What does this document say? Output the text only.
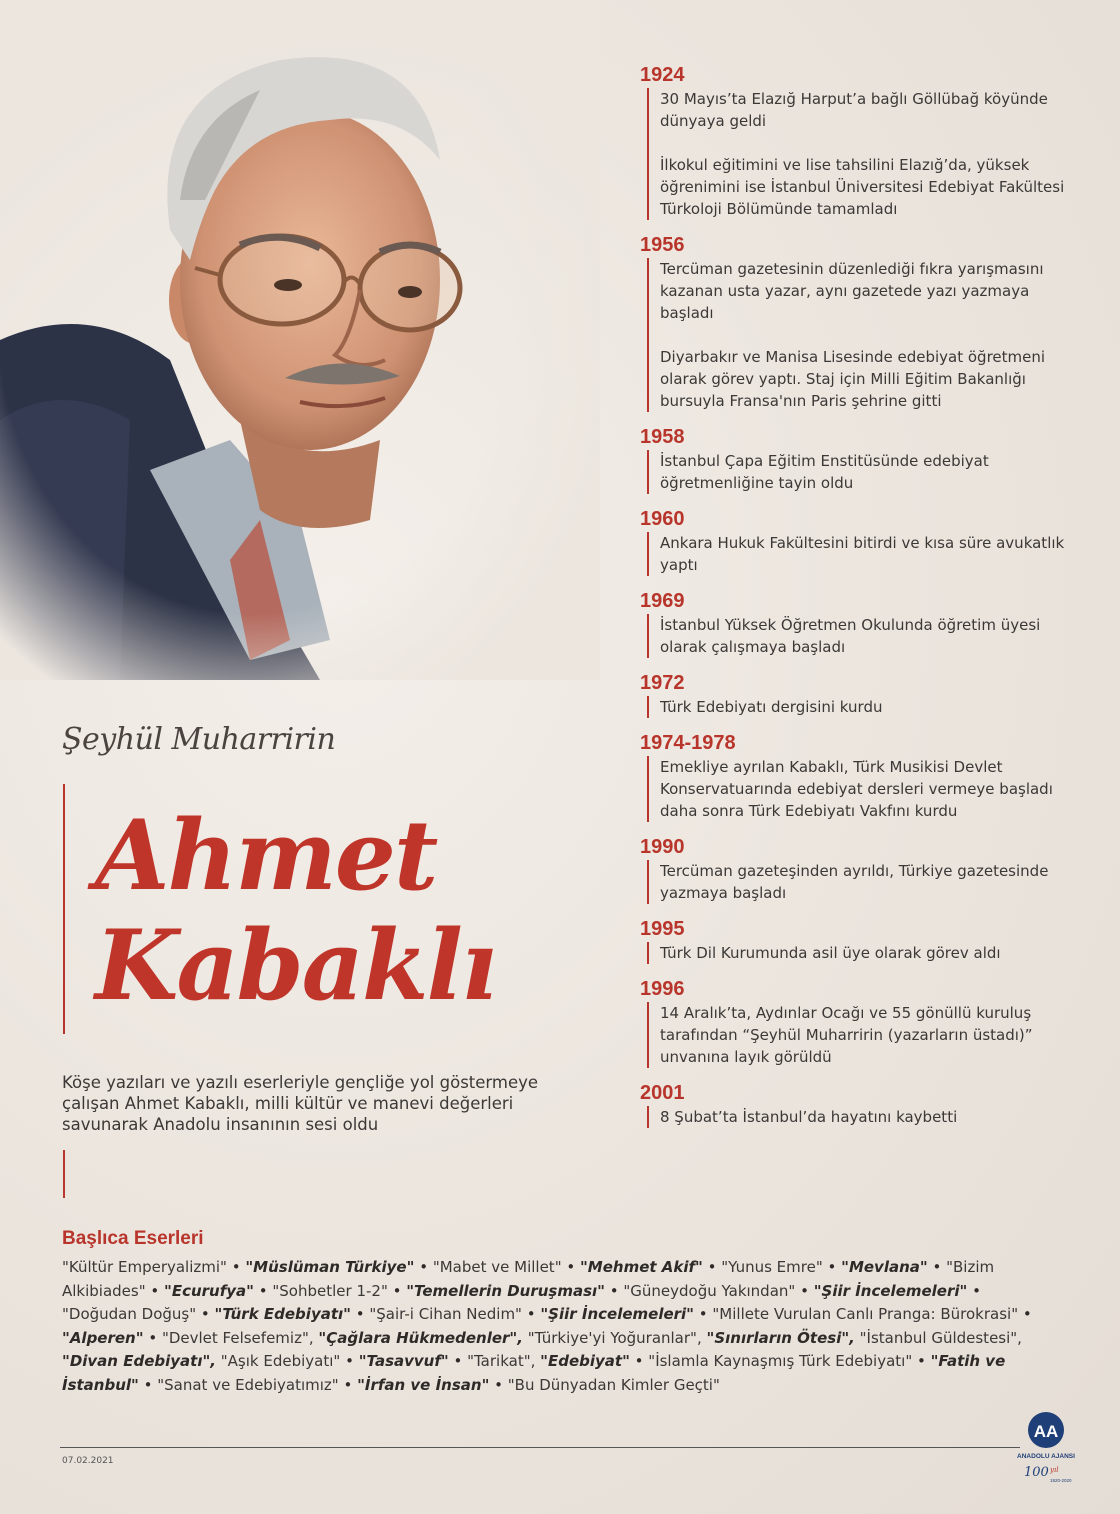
Şeyhül Muharririn
Ahmet
Kabaklı
Köşe yazıları ve yazılı eserleriyle gençliğe yol göstermeye çalışan Ahmet Kabaklı, milli kültür ve manevi değerleri savunarak Anadolu insanının sesi oldu
1924
30 Mayıs’ta Elazığ Harput’a bağlı Göllübağ köyünde dünyaya geldi
İlkokul eğitimini ve lise tahsilini Elazığ’da, yüksek öğrenimini ise İstanbul Üniversitesi Edebiyat Fakültesi Türkoloji Bölümünde tamamladı
1956
Tercüman gazetesinin düzenlediği fıkra yarışmasını kazanan usta yazar, aynı gazetede yazı yazmaya başladı
Diyarbakır ve Manisa Lisesinde edebiyat öğretmeni olarak görev yaptı. Staj için Milli Eğitim Bakanlığı bursuyla Fransa'nın Paris şehrine gitti
1958
İstanbul Çapa Eğitim Enstitüsünde edebiyat öğretmenliğine tayin oldu
1960
Ankara Hukuk Fakültesini bitirdi ve kısa süre avukatlık yaptı
1969
İstanbul Yüksek Öğretmen Okulunda öğretim üyesi olarak çalışmaya başladı
1972
Türk Edebiyatı dergisini kurdu
1974-1978
Emekliye ayrılan Kabaklı, Türk Musikisi Devlet Konservatuarında edebiyat dersleri vermeye başladı daha sonra Türk Edebiyatı Vakfını kurdu
1990
Tercüman gazeteşinden ayrıldı, Türkiye gazetesinde yazmaya başladı
1995
Türk Dil Kurumunda asil üye olarak görev aldı
1996
14 Aralık’ta, Aydınlar Ocağı ve 55 gönüllü kuruluş tarafından “Şeyhül Muharririn (yazarların üstadı)” unvanına layık görüldü
2001
8 Şubat’ta İstanbul’da hayatını kaybetti
Başlıca Eserleri
"Kültür Emperyalizmi" • "Müslüman Türkiye" • "Mabet ve Millet" • "Mehmet Akif" • "Yunus Emre" • "Mevlana" • "Bizim Alkibiades" • "Ecurufya" • "Sohbetler 1-2" • "Temellerin Duruşması" • "Güneydoğu Yakından" • "Şiir İncelemeleri" • "Doğudan Doğuş" • "Türk Edebiyatı" • "Şair-i Cihan Nedim" • "Şiir İncelemeleri" • "Millete Vurulan Canlı Pranga: Bürokrasi" • "Alperen" • "Devlet Felsefemiz", "Çağlara Hükmedenler", "Türkiye'yi Yoğuranlar", "Sınırların Ötesi", "İstanbul Güldestesi", "Divan Edebiyatı", "Aşık Edebiyatı" • "Tasavvuf" • "Tarikat", "Edebiyat" • "İslamla Kaynaşmış Türk Edebiyatı" • "Fatih ve İstanbul" • "Sanat ve Edebiyatımız" • "İrfan ve İnsan" • "Bu Dünyadan Kimler Geçti"
07.02.2021
AA
ANADOLU AJANSI
100 yıl
1920-2020
